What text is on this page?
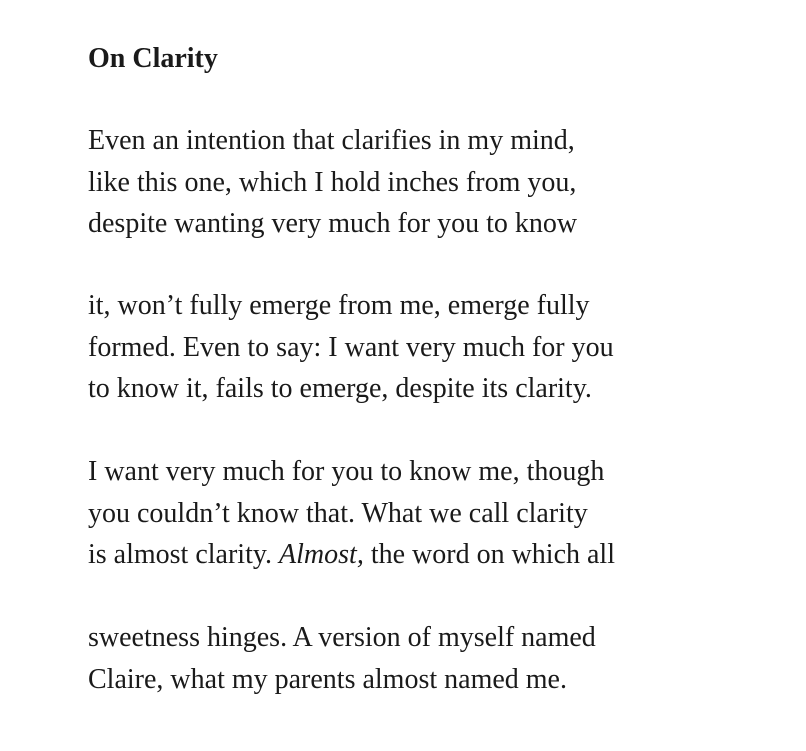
On Clarity

Even an intention that clarifies in my mind,
like this one, which I hold inches from you,
despite wanting very much for you to know

it, won’t fully emerge from me, emerge fully
formed. Even to say: I want very much for you
to know it, fails to emerge, despite its clarity.

I want very much for you to know me, though
you couldn’t know that. What we call clarity
is almost clarity. Almost, the word on which all

sweetness hinges. A version of myself named
Claire, what my parents almost named me.
